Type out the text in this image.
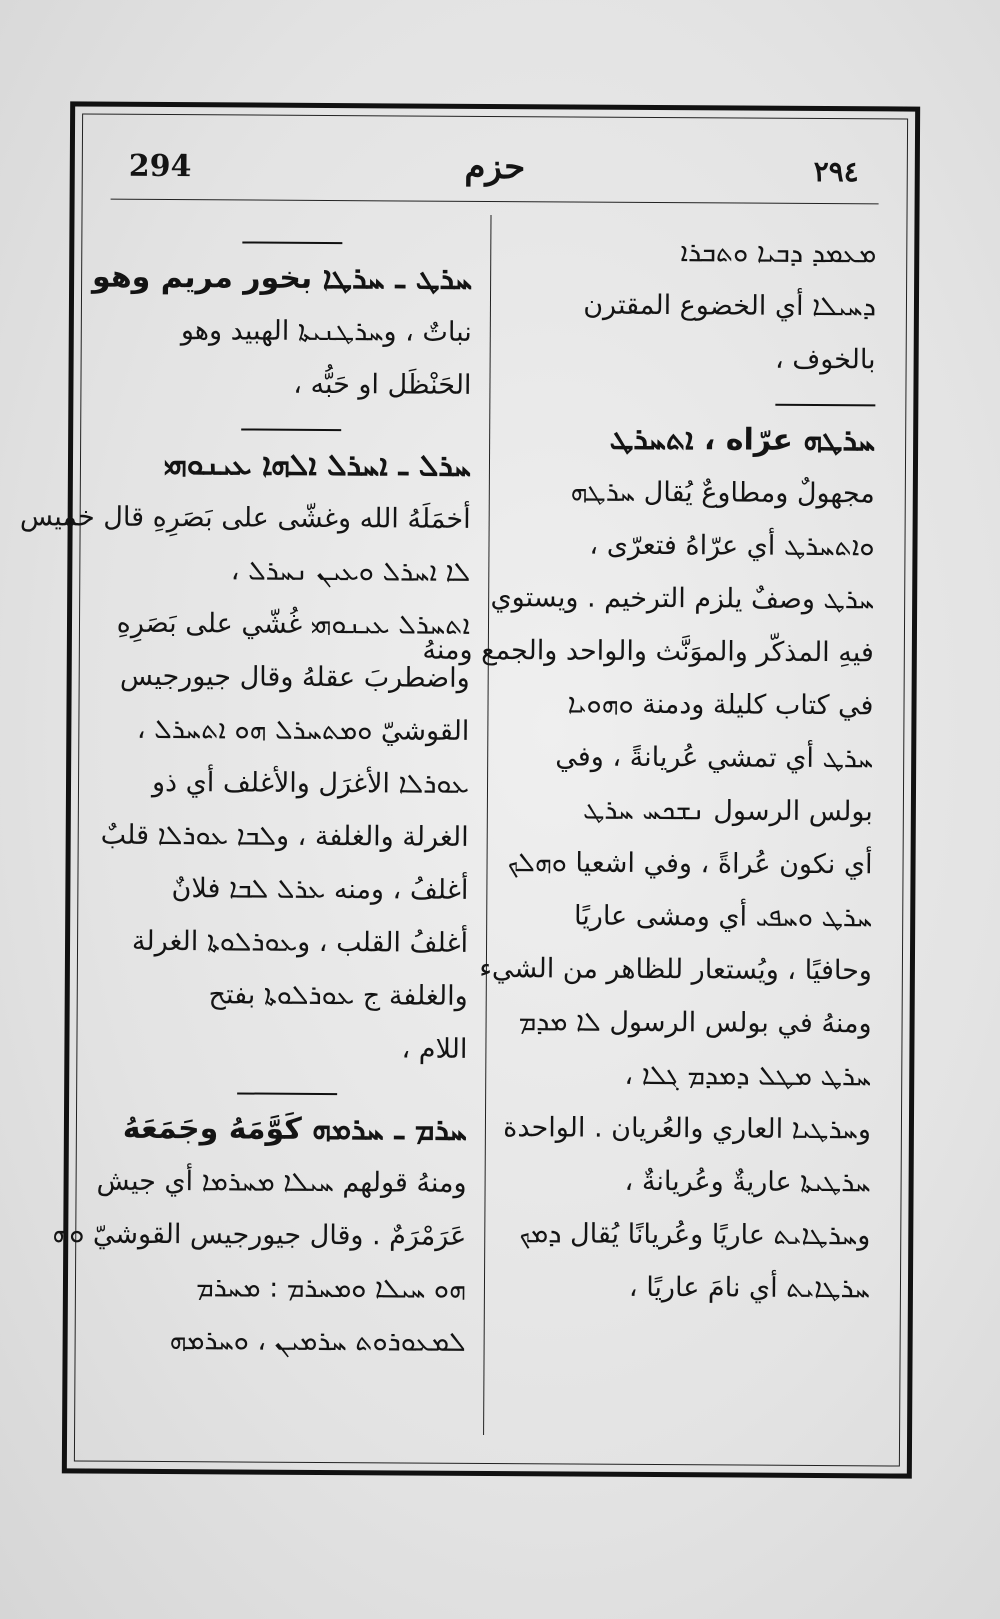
294	حزم	٢٩٤
ܡܥܡܕ ܕܒܝܐ ܘܬܒܪܐ
ܕܚܝܠܐ أي الخضوع المقترن
بالخوف ،
ܚܪܛܗ عرّاه ، ܐܬܚܪܛ
مجهولٌ ومطاوعٌ يُقال ܚܪܛܗ
ܘܐܬܚܪܛ أي عرّاهُ فتعرّى ،
ܚܪܛ وصفٌ يلزم الترخيم . ويستوي
فيهِ المذكّر والموَنَّث والواحد والجمع ومنهُ
في كتاب كليلة ودمنة ܘܗܘܝܐ
ܚܪܛ أي تمشي عُريانةً ، وفي
بولس الرسول ܢܫܟܚ ܚܪܛ
أي نكون عُراةً ، وفي اشعيا ܘܗܠܟ
ܚܪܛ ܘܚܦܝ أي ومشى عاريًا
وحافيًا ، ويُستعار للظاهر من الشيء
ومنهُ في بولس الرسول ܠܐ ܡܕܡ
ܚܪܛ ܡܛܠ ܕܡܕܡ ܓܠܐ ،
وܚܪܛܝܐ العاري والعُريان . الواحدة
ܚܪܛܝܬܐ عاريةٌ وعُريانةٌ ،
وܚܪܛܐܝܬ عاريًا وعُريانًا يُقال ܕܡܟ
ܚܪܛܐܝܬ أي نامَ عاريًا ،
ܚܪܛ ـ ܚܪܛܐ بخور مريم وهو
نباتٌ ، وܚܪܛܢܝܬܐ الهبيد وهو
الحَنْظَل او حَبُّه ،
ܚܪܠ ـ ܐܚܪܠ ܐܠܗܐ ܥܝܢܘܗܝ
أخمَلَهُ الله وغشّى على بَصَرِهِ قال خميس
ܠܐ ܐܚܪܠ ܘܥܝܢ ܢܚܪܠ ،
ܐܬܚܪܠ ܥܝܢܘܗܝ غُشّي على بَصَرِهِ
واضطربَ عقلهُ وقال جيورجيس
القوشيّ ܘܡܬܚܪܠ ܗܘ ܐܬܚܪܠ ،
ܥܘܪܠܐ الأغرَل والأغلف أي ذو
الغرلة والغلفة ، وܠܒܐ ܥܘܪܠܐ قلبٌ
أغلفُ ، ومنه ܥܪܠ ܠܒܐ فلانٌ
أغلفُ القلب ، وܥܘܪܠܘܬܐ الغرلة
والغلفة ج ܥܘܪܠܘܬܐ بفتح
اللام ،
ܚܪܡ ـ ܚܪܡܗ كَوَّمَهُ وجَمَعَهُ
ومنهُ قولهم ܚܝܠܐ ܡܚܪܡܐ أي جيش
عَرَمْرَمٌ . وقال جيورجيس القوشيّ ܘܗ
ܗܘ ܚܝܠܐ ܘܡܚܪܡ : ܡܚܪܡ
ܠܡܥܘܪܘܬ ܚܪܡܝܢ ، ܘܚܪܡܗ
